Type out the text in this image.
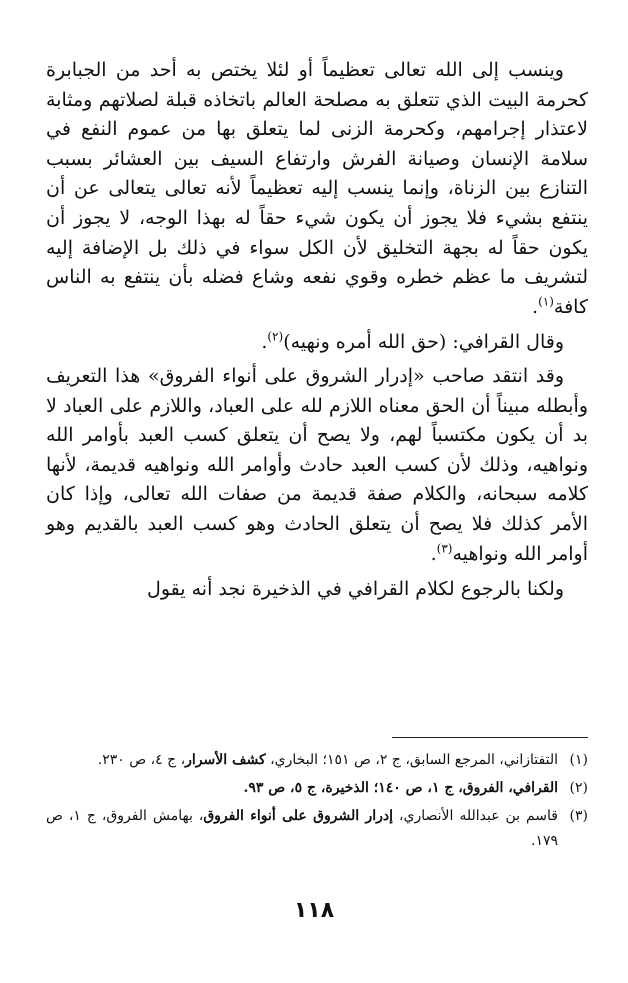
وينسب إلى الله تعالى تعظيماً أو لئلا يختص به أحد من الجبابرة كحرمة البيت الذي تتعلق به مصلحة العالم باتخاذه قبلة لصلاتهم ومثابة لاعتذار إجرامهم، وكحرمة الزنى لما يتعلق بها من عموم النفع في سلامة الإنسان وصيانة الفرش وارتفاع السيف بين العشائر بسبب التنازع بين الزناة، وإنما ينسب إليه تعظيماً لأنه تعالى يتعالى عن أن ينتفع بشيء فلا يجوز أن يكون شيء حقاً له بهذا الوجه، لا يجوز أن يكون حقاً له بجهة التخليق لأن الكل سواء في ذلك بل الإضافة إليه لتشريف ما عظم خطره وقوي نفعه وشاع فضله بأن ينتفع به الناس كافة$^{(١)}$.

وقال القرافي: (حق الله أمره ونهيه)$^{(٢)}$.

وقد انتقد صاحب «إدرار الشروق على أنواء الفروق» هذا التعريف وأبطله مبيناً أن الحق معناه اللازم لله على العباد، واللازم على العباد لا بد أن يكون مكتسباً لهم، ولا يصح أن يتعلق كسب العبد بأوامر الله ونواهيه، وذلك لأن كسب العبد حادث وأوامر الله ونواهيه قديمة، لأنها كلامه سبحانه، والكلام صفة قديمة من صفات الله تعالى، وإذا كان الأمر كذلك فلا يصح أن يتعلق الحادث وهو كسب العبد بالقديم وهو أوامر الله ونواهيه$^{(٣)}$.

ولكنا بالرجوع لكلام القرافي في الذخيرة نجد أنه يقول

(١)
التفتازاني، المرجع السابق، ج ٢، ص ١٥١؛ البخاري، كشف الأسرار، ج ٤، ص ٢٣٠.
(٢)
القرافي، الفروق، ج ١، ص ١٤٠؛ الذخيرة، ج ٥، ص ٩٣.
(٣)
قاسم بن عبدالله الأنصاري، إدرار الشروق على أنواء الفروق، بهامش الفروق، ج ١، ص ١٧٩.
١١٨
